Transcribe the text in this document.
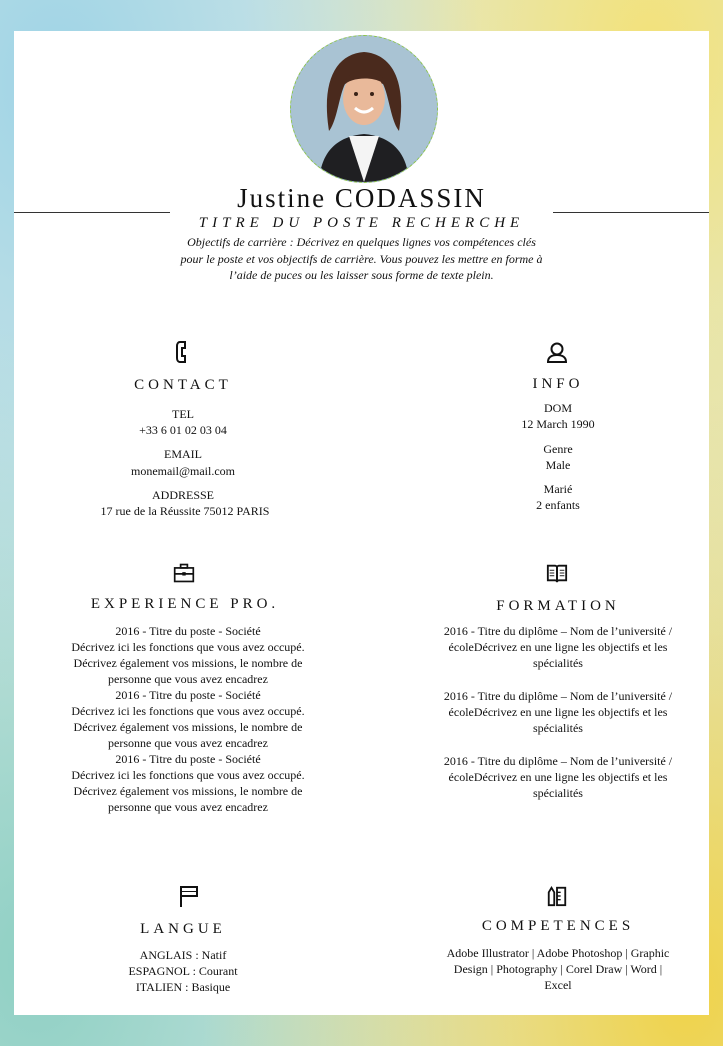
Justine CODASSIN
TITRE DU POSTE RECHERCHE
Objectifs de carrière : Décrivez en quelques lignes vos compétences clés pour le poste et vos objectifs de carrière. Vous pouvez les mettre en forme à l’aide de puces ou les laisser sous forme de texte plein.
CONTACT
TEL
+33 6 01 02 03 04
EMAIL
monemail@mail.com
ADDRESSE
17 rue de la Réussite 75012 PARIS
INFO
DOM
12 March 1990
Genre
Male
Marié
2 enfants
EXPERIENCE PRO.
2016 - Titre du poste - Société
Décrivez ici les fonctions que vous avez occupé. Décrivez également vos missions, le nombre de personne que vous avez encadrez
2016 - Titre du poste - Société
Décrivez ici les fonctions que vous avez occupé. Décrivez également vos missions, le nombre de personne que vous avez encadrez
2016 - Titre du poste - Société
Décrivez ici les fonctions que vous avez occupé. Décrivez également vos missions, le nombre de personne que vous avez encadrez
FORMATION
2016 - Titre du diplôme – Nom de l’université / écoleDécrivez en une ligne les objectifs et les spécialités
2016 - Titre du diplôme – Nom de l’université / écoleDécrivez en une ligne les objectifs et les spécialités
2016 - Titre du diplôme – Nom de l’université / écoleDécrivez en une ligne les objectifs et les spécialités
LANGUE
ANGLAIS : Natif
ESPAGNOL : Courant
ITALIEN : Basique
COMPETENCES
Adobe Illustrator | Adobe Photoshop | Graphic Design | Photography | Corel Draw | Word | Excel
